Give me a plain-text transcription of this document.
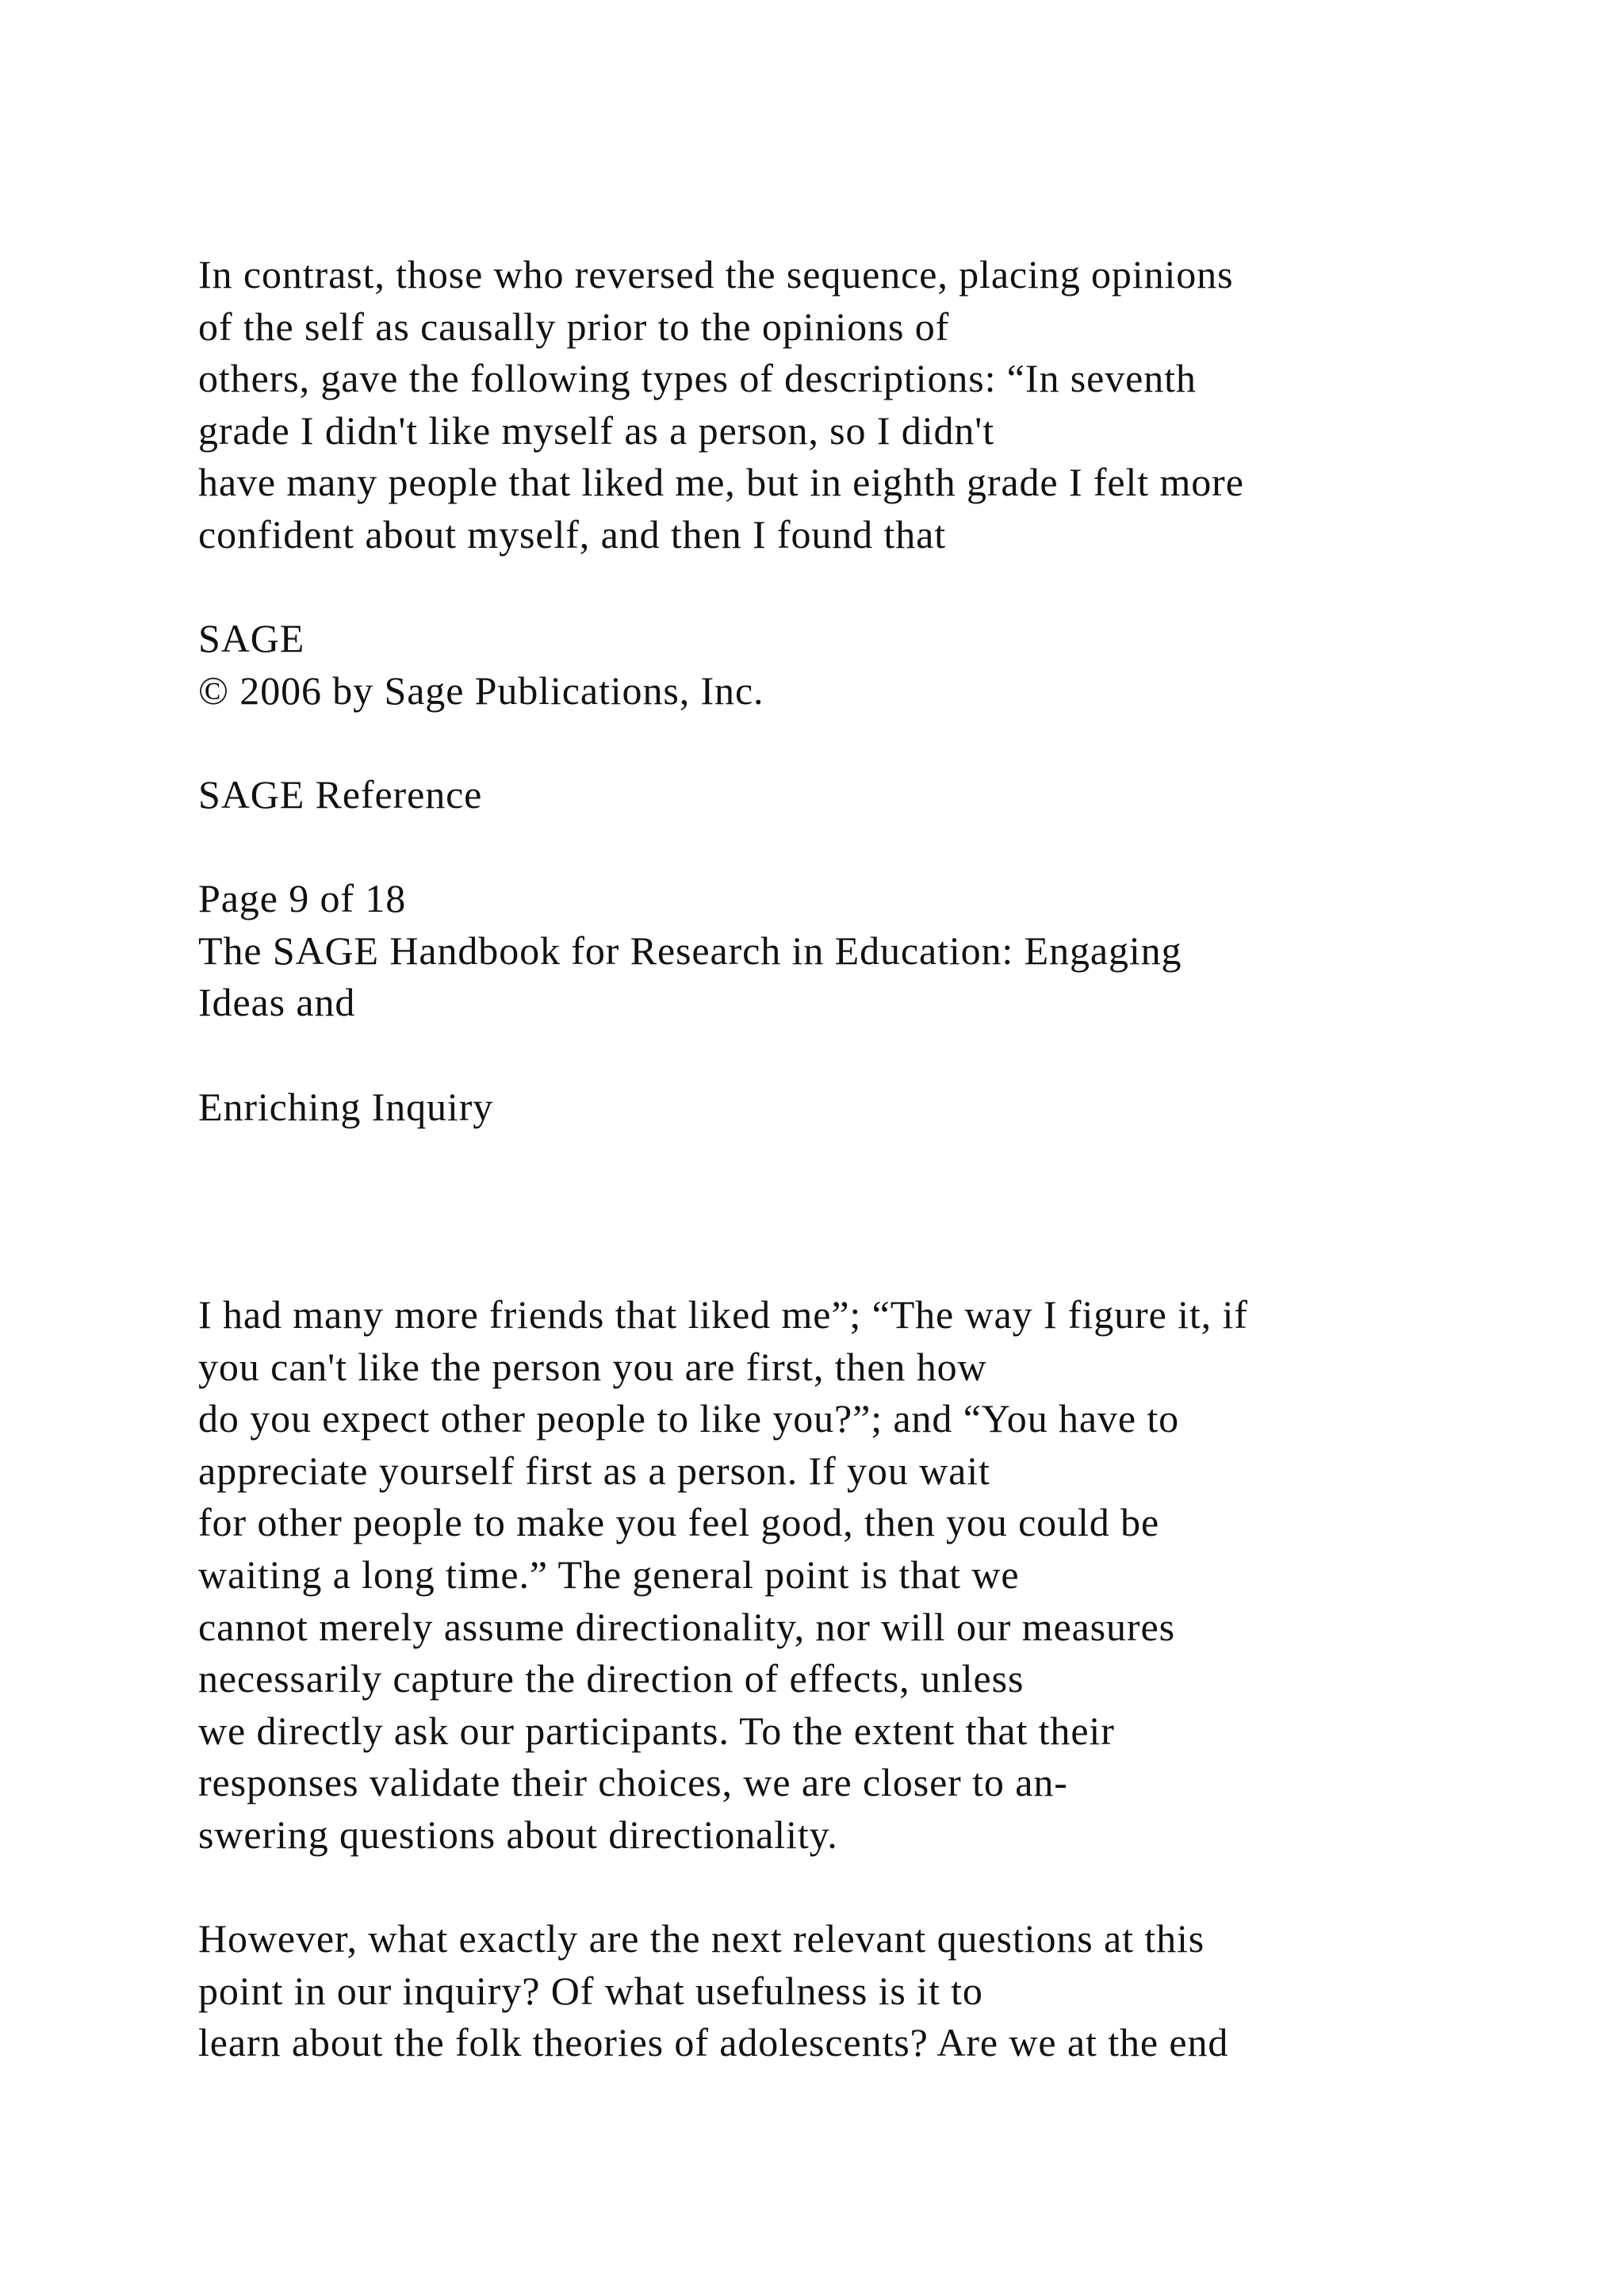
In contrast, those who reversed the sequence, placing opinions
of the self as causally prior to the opinions of
others, gave the following types of descriptions: “In seventh
grade I didn't like myself as a person, so I didn't
have many people that liked me, but in eighth grade I felt more
confident about myself, and then I found that
SAGE
© 2006 by Sage Publications, Inc.
SAGE Reference
Page 9 of 18
The SAGE Handbook for Research in Education: Engaging
Ideas and
Enriching Inquiry
I had many more friends that liked me”; “The way I figure it, if
you can't like the person you are first, then how
do you expect other people to like you?”; and “You have to
appreciate yourself first as a person. If you wait
for other people to make you feel good, then you could be
waiting a long time.” The general point is that we
cannot merely assume directionality, nor will our measures
necessarily capture the direction of effects, unless
we directly ask our participants. To the extent that their
responses validate their choices, we are closer to an-
swering questions about directionality.
However, what exactly are the next relevant questions at this
point in our inquiry? Of what usefulness is it to
learn about the folk theories of adolescents? Are we at the end
